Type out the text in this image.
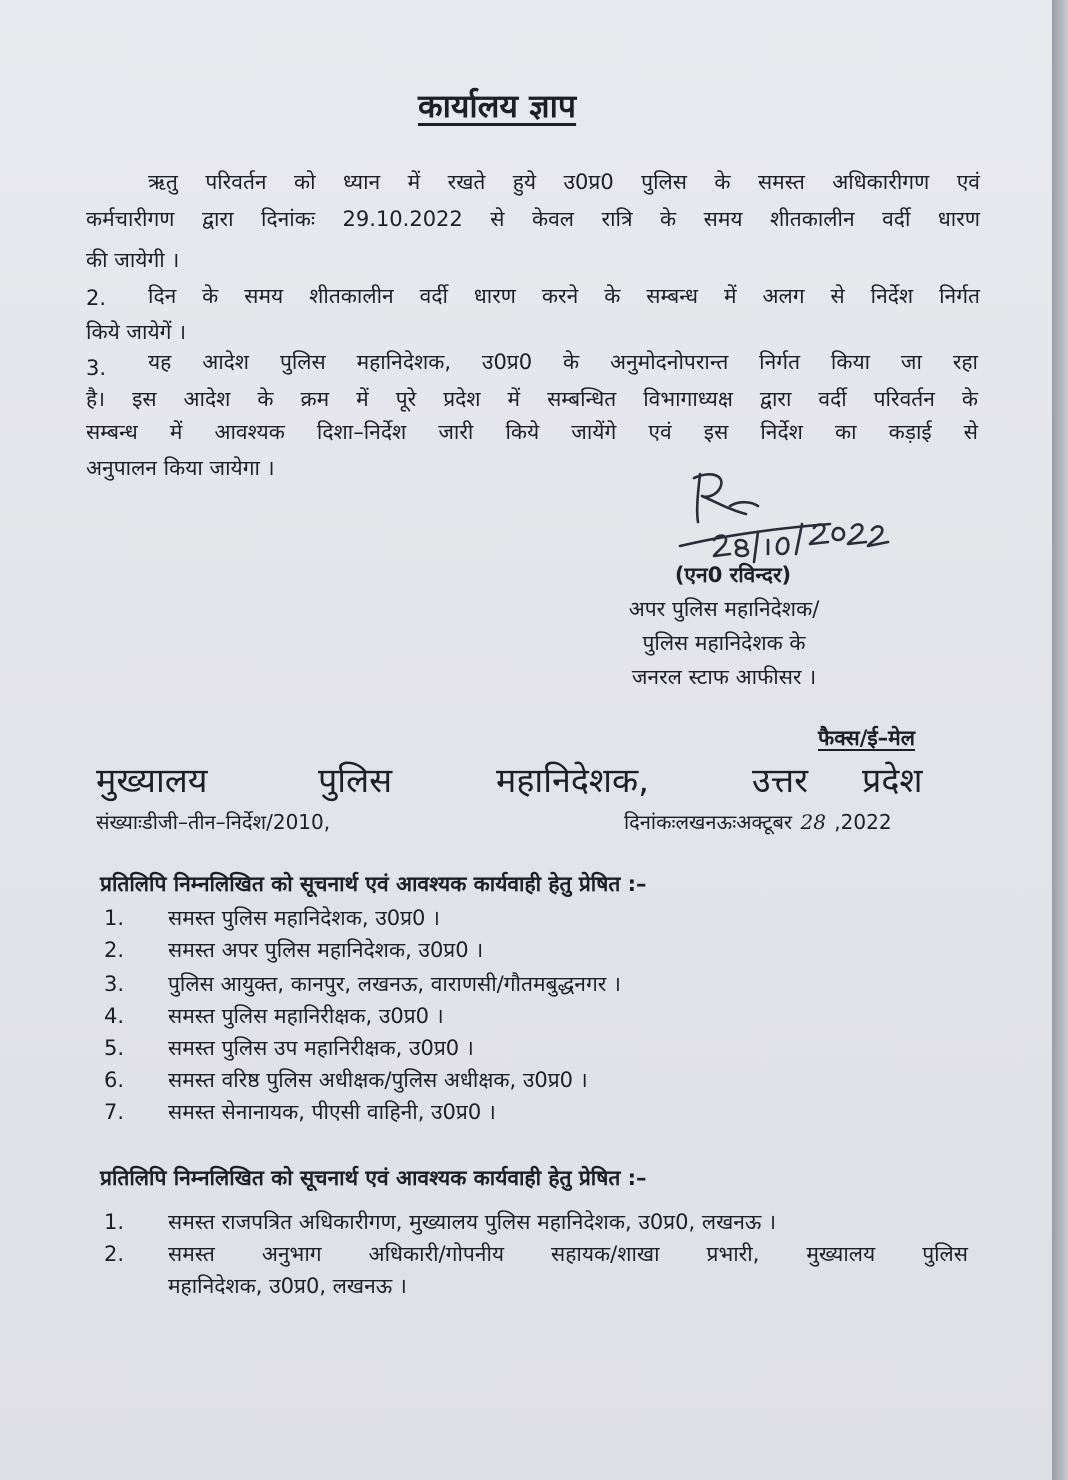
कार्यालय ज्ञाप
ऋतु परिवर्तन को ध्यान में रखते हुये उ0प्र0 पुलिस के समस्त अधिकारीगण एवं
कर्मचारीगण द्वारा दिनांकः 29.10.2022 से केवल रात्रि के समय शीतकालीन वर्दी धारण
की जायेगी ।
2. दिन के समय शीतकालीन वर्दी धारण करने के सम्बन्ध में अलग से निर्देश निर्गत
किये जायेगें ।
3. यह आदेश पुलिस महानिदेशक, उ0प्र0 के अनुमोदनोपरान्त निर्गत किया जा रहा
है। इस आदेश के क्रम में पूरे प्रदेश में सम्बन्धित विभागाध्यक्ष द्वारा वर्दी परिवर्तन के
सम्बन्ध में आवश्यक दिशा–निर्देश जारी किये जायेंगे एवं इस निर्देश का कड़ाई से
अनुपालन किया जायेगा ।
(एन0 रविन्दर)
अपर पुलिस महानिदेशक/
पुलिस महानिदेशक के
जनरल स्टाफ आफीसर ।
फैक्स/ई–मेल
मुख्यालय	पुलिस	महानिदेशक,	उत्तर प्रदेश
संख्याःडीजी–तीन–निर्देश/2010,	दिनांकःलखनऊःअक्टूबर 28 ,2022
प्रतिलिपि निम्नलिखित को सूचनार्थ एवं आवश्यक कार्यवाही हेतु प्रेषित :–
1. समस्त पुलिस महानिदेशक, उ0प्र0 ।
2. समस्त अपर पुलिस महानिदेशक, उ0प्र0 ।
3. पुलिस आयुक्त, कानपुर, लखनऊ, वाराणसी/गौतमबुद्धनगर ।
4. समस्त पुलिस महानिरीक्षक, उ0प्र0 ।
5. समस्त पुलिस उप महानिरीक्षक, उ0प्र0 ।
6. समस्त वरिष्ठ पुलिस अधीक्षक/पुलिस अधीक्षक, उ0प्र0 ।
7. समस्त सेनानायक, पीएसी वाहिनी, उ0प्र0 ।
प्रतिलिपि निम्नलिखित को सूचनार्थ एवं आवश्यक कार्यवाही हेतु प्रेषित :–
1. समस्त राजपत्रित अधिकारीगण, मुख्यालय पुलिस महानिदेशक, उ0प्र0, लखनऊ ।
2. समस्त अनुभाग अधिकारी/गोपनीय सहायक/शाखा प्रभारी, मुख्यालय पुलिस
महानिदेशक, उ0प्र0, लखनऊ ।
